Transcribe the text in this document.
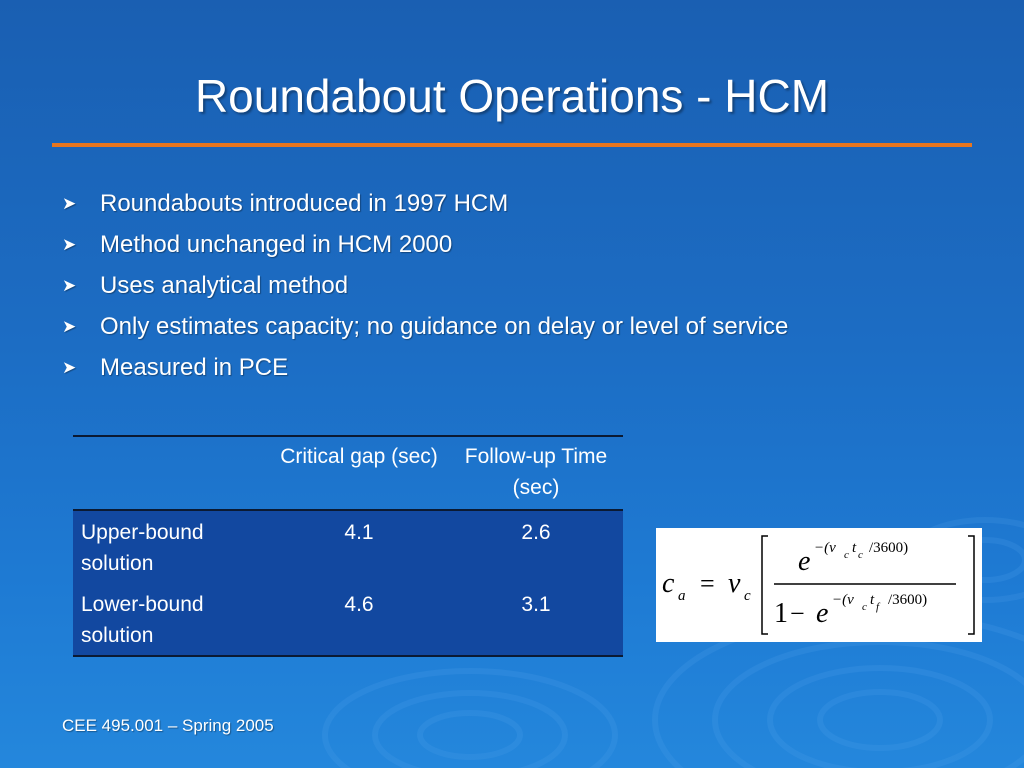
Roundabout Operations - HCM
➤ Roundabouts introduced in 1997 HCM
➤ Method unchanged in HCM 2000
➤ Uses analytical method
➤ Only estimates capacity; no guidance on delay or level of service
➤ Measured in PCE
	Critical gap (sec)	Follow-up Time (sec)
Upper-bound solution	4.1	2.6
Lower-bound solution	4.6	3.1
c a = v c
e −(v c t c /3600)
1 − e −(v c t f /3600)
CEE 495.001 – Spring 2005
